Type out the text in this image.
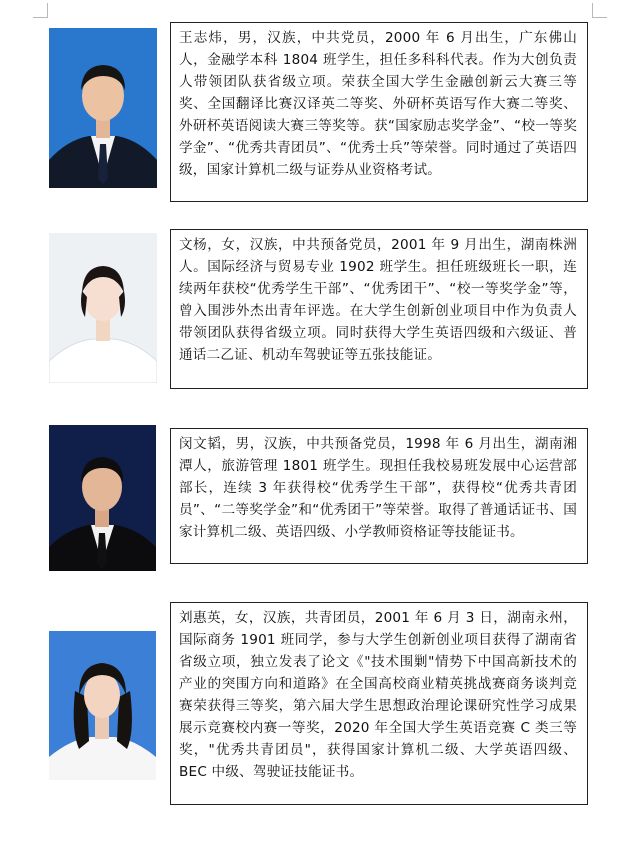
王志炜，男，汉族，中共党员，2000 年 6 月出生，广东佛山人，金融学本科 1804 班学生，担任多科科代表。作为大创负责人带领团队获省级立项。荣获全国大学生金融创新云大赛三等奖、全国翻译比赛汉译英二等奖、外研杯英语写作大赛二等奖、外研杯英语阅读大赛三等奖等。获“国家励志奖学金”、“校一等奖学金”、“优秀共青团员”、“优秀士兵”等荣誉。同时通过了英语四级，国家计算机二级与证券从业资格考试。
文杨，女，汉族，中共预备党员，2001 年 9 月出生，湖南株洲人。国际经济与贸易专业 1902 班学生。担任班级班长一职，连续两年获校“优秀学生干部”、“优秀团干”、“校一等奖学金”等，曾入围涉外杰出青年评选。在大学生创新创业项目中作为负责人带领团队获得省级立项。同时获得大学生英语四级和六级证、普通话二乙证、机动车驾驶证等五张技能证。
闵文韬，男，汉族，中共预备党员，1998 年 6 月出生，湖南湘潭人，旅游管理 1801 班学生。现担任我校易班发展中心运营部部长，连续 3 年获得校“优秀学生干部”，获得校“优秀共青团员”、“二等奖学金”和“优秀团干”等荣誉。取得了普通话证书、国家计算机二级、英语四级、小学教师资格证等技能证书。
刘惠英，女，汉族，共青团员，2001 年 6 月 3 日，湖南永州，国际商务 1901 班同学，参与大学生创新创业项目获得了湖南省省级立项，独立发表了论文《"技术围剿"情势下中国高新技术的产业的突围方向和道路》在全国高校商业精英挑战赛商务谈判竞赛荣获得三等奖，第六届大学生思想政治理论课研究性学习成果展示竞赛校内赛一等奖，2020 年全国大学生英语竞赛 C 类三等奖，"优秀共青团员"，获得国家计算机二级、大学英语四级、BEC 中级、驾驶证技能证书。
